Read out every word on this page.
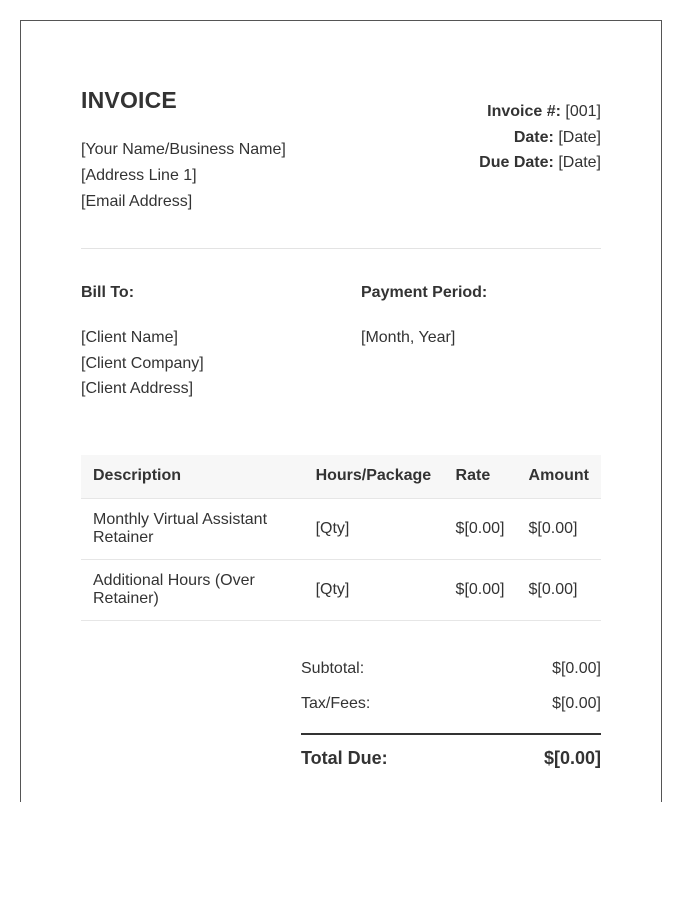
INVOICE
[Your Name/Business Name]
[Address Line 1]
[Email Address]
Invoice #: [001]
Date: [Date]
Due Date: [Date]
Bill To:
[Client Name]
[Client Company]
[Client Address]
Payment Period:
[Month, Year]
Description	Hours/Package	Rate	Amount
Monthly Virtual Assistant Retainer	[Qty]	$[0.00]	$[0.00]
Additional Hours (Over Retainer)	[Qty]	$[0.00]	$[0.00]
Subtotal:	$[0.00]
Tax/Fees:	$[0.00]
Total Due:	$[0.00]
